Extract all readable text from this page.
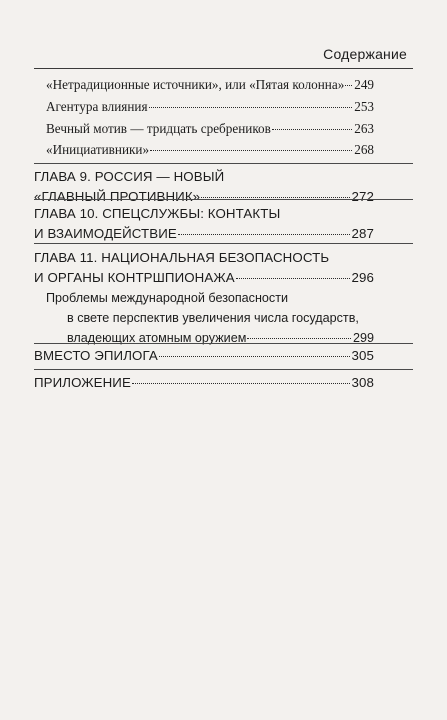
Содержание
«Нетрадиционные источники», или «Пятая колонна» 249
Агентура влияния	253
Вечный мотив — тридцать сребреников	263
«Инициативники»	268
ГЛАВА 9. РОССИЯ — НОВЫЙ
«ГЛАВНЫЙ ПРОТИВНИК»	272
ГЛАВА 10. СПЕЦСЛУЖБЫ: КОНТАКТЫ
И ВЗАИМОДЕЙСТВИЕ	287
ГЛАВА 11. НАЦИОНАЛЬНАЯ БЕЗОПАСНОСТЬ
И ОРГАНЫ КОНТРШПИОНАЖА	296
Проблемы международной безопасности
в свете перспектив увеличения числа государств,
владеющих атомным оружием	299
ВМЕСТО ЭПИЛОГА	305
ПРИЛОЖЕНИЕ	308
